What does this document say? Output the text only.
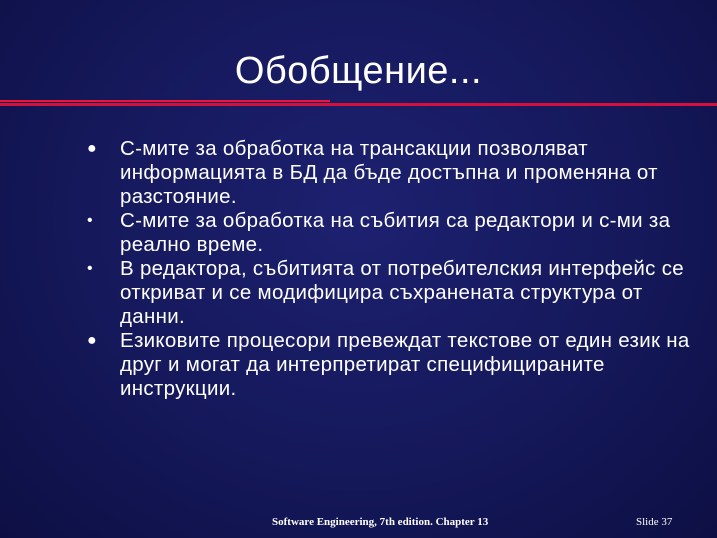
Обобщение...
● С-мите за обработка на трансакции позволяват информацията в БД да бъде достъпна и променяна от разстояние.
• С-мите за обработка на събития са редактори и с-ми за реално време.
• В редактора, събитията от потребителския интерфейс се откриват и се модифицира съхранената структура от данни.
● Езиковите процесори превеждат текстове от един език на друг и могат да интерпретират специфицираните инструкции.
Software Engineering, 7th edition. Chapter 13	Slide 37
